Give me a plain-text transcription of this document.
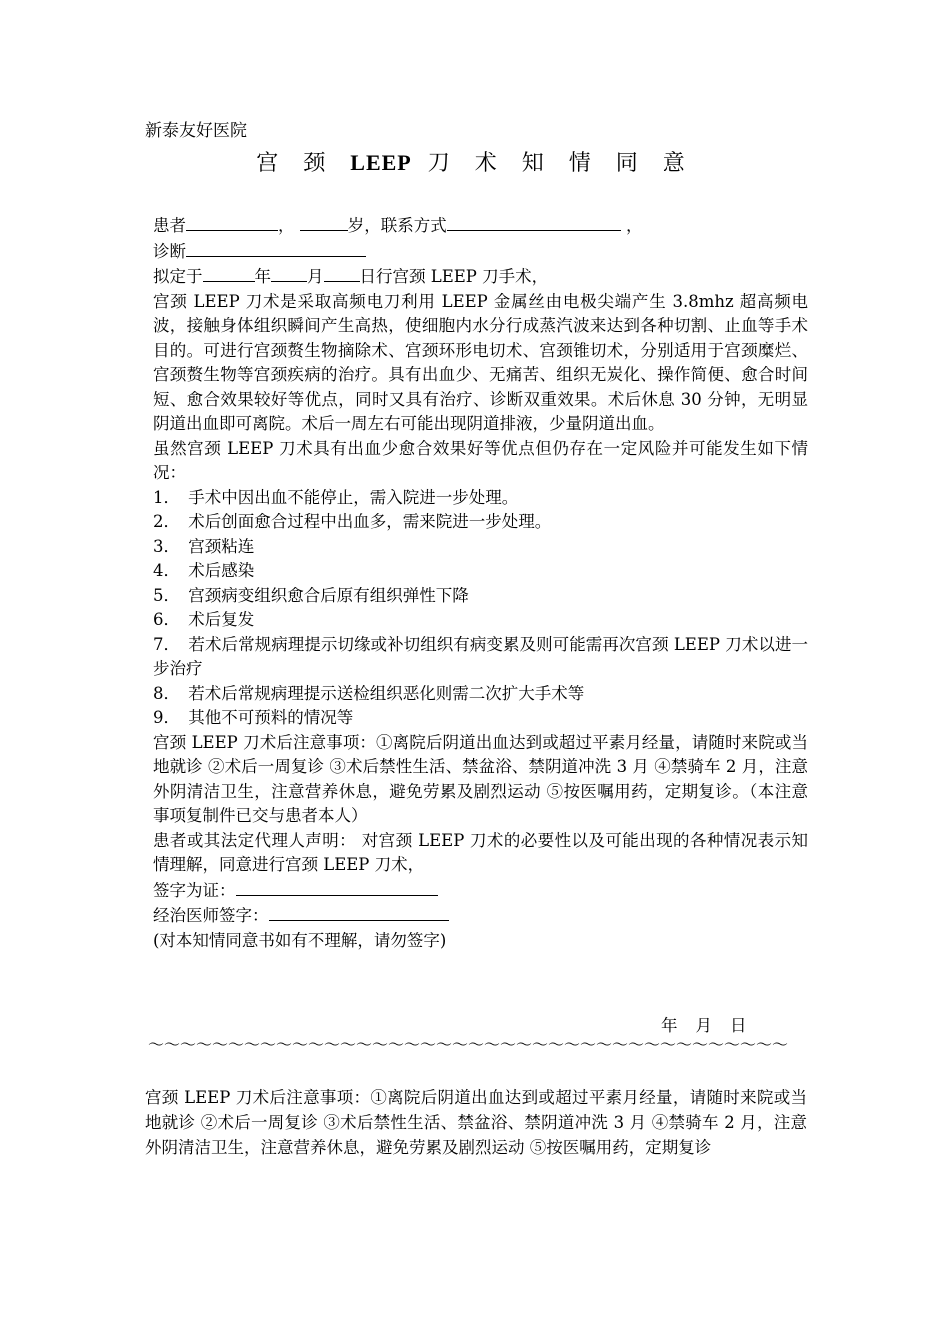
新泰友好医院
宫 颈 LEEP 刀 术 知 情 同 意

患者	，	岁，联系方式	，

诊断

拟定于	年 月 日行宫颈 LEEP 刀手术，

宫颈 LEEP 刀术是采取高频电刀利用 LEEP 金属丝由电极尖端产生 3.8mhz 超高频电波，接触身体组织瞬间产生高热，使细胞内水分行成蒸汽波来达到各种切割、止血等手术目的。可进行宫颈赘生物摘除术、宫颈环形电切术、宫颈锥切术，分别适用于宫颈糜烂、宫颈赘生物等宫颈疾病的治疗。具有出血少、无痛苦、组织无炭化、操作简便、愈合时间短、愈合效果较好等优点，同时又具有治疗、诊断双重效果。术后休息 30 分钟，无明显阴道出血即可离院。术后一周左右可能出现阴道排液，少量阴道出血。

虽然宫颈 LEEP 刀术具有出血少愈合效果好等优点但仍存在一定风险并可能发生如下情况：

1．　手术中因出血不能停止，需入院进一步处理。

2．　术后创面愈合过程中出血多，需来院进一步处理。

3．　宫颈粘连

4．　术后感染

5．　宫颈病变组织愈合后原有组织弹性下降

6．　术后复发

7．　若术后常规病理提示切缘或补切组织有病变累及则可能需再次宫颈 LEEP 刀术以进一步治疗

8．　若术后常规病理提示送检组织恶化则需二次扩大手术等

9．　其他不可预料的情况等

宫颈 LEEP 刀术后注意事项：①离院后阴道出血达到或超过平素月经量，请随时来院或当地就诊 ②术后一周复诊 ③术后禁性生活、禁盆浴、禁阴道冲洗 3 月 ④禁骑车 2 月，注意外阴清洁卫生，注意营养休息，避免劳累及剧烈运动 ⑤按医嘱用药，定期复诊。（本注意事项复制件已交与患者本人）

患者或其法定代理人声明： 对宫颈 LEEP 刀术的必要性以及可能出现的各种情况表示知情理解，同意进行宫颈 LEEP 刀术，

签字为证：

经治医师签字：

(对本知情同意书如有不理解，请勿签字)

年 月 日
～～～～～～～～～～～～～～～～～～～～～～～～～～～～～～～～～～～～～～～～
宫颈 LEEP 刀术后注意事项：①离院后阴道出血达到或超过平素月经量，请随时来院或当地就诊 ②术后一周复诊 ③术后禁性生活、禁盆浴、禁阴道冲洗 3 月 ④禁骑车 2 月，注意外阴清洁卫生，注意营养休息，避免劳累及剧烈运动 ⑤按医嘱用药，定期复诊
